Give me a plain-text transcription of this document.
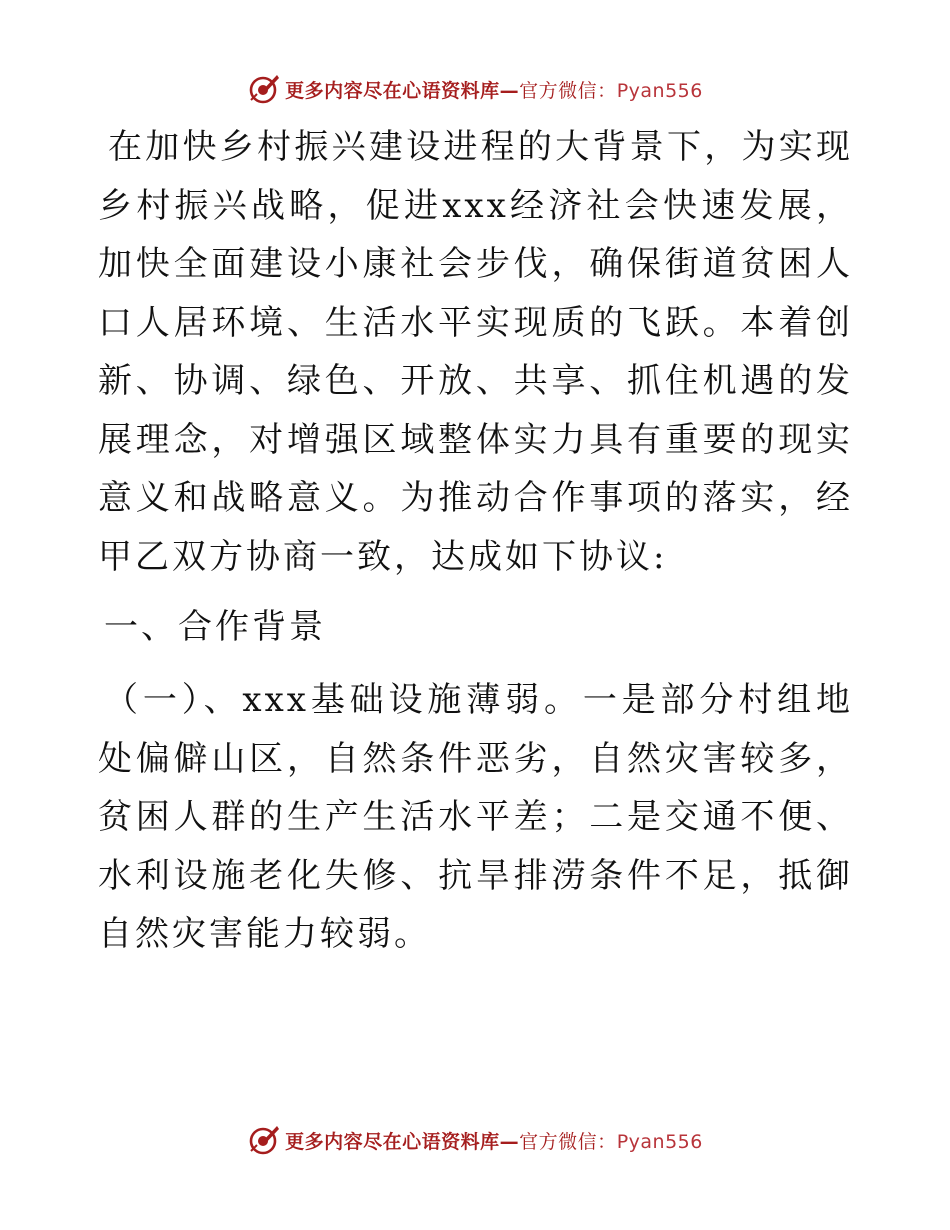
更多内容尽在心语资料库—官方微信：Pyan556

在加快乡村振兴建设进程的大背景下，为实现乡村振兴战略，促进xxx经济社会快速发展，加快全面建设小康社会步伐，确保街道贫困人口人居环境、生活水平实现质的飞跃。本着创新、协调、绿色、开放、共享、抓住机遇的发展理念，对增强区域整体实力具有重要的现实意义和战略意义。为推动合作事项的落实，经甲乙双方协商一致，达成如下协议:

一、合作背景

（一）、xxx基础设施薄弱。一是部分村组地处偏僻山区，自然条件恶劣，自然灾害较多，贫困人群的生产生活水平差；二是交通不便、水利设施老化失修、抗旱排涝条件不足，抵御自然灾害能力较弱。

更多内容尽在心语资料库—官方微信：Pyan556
